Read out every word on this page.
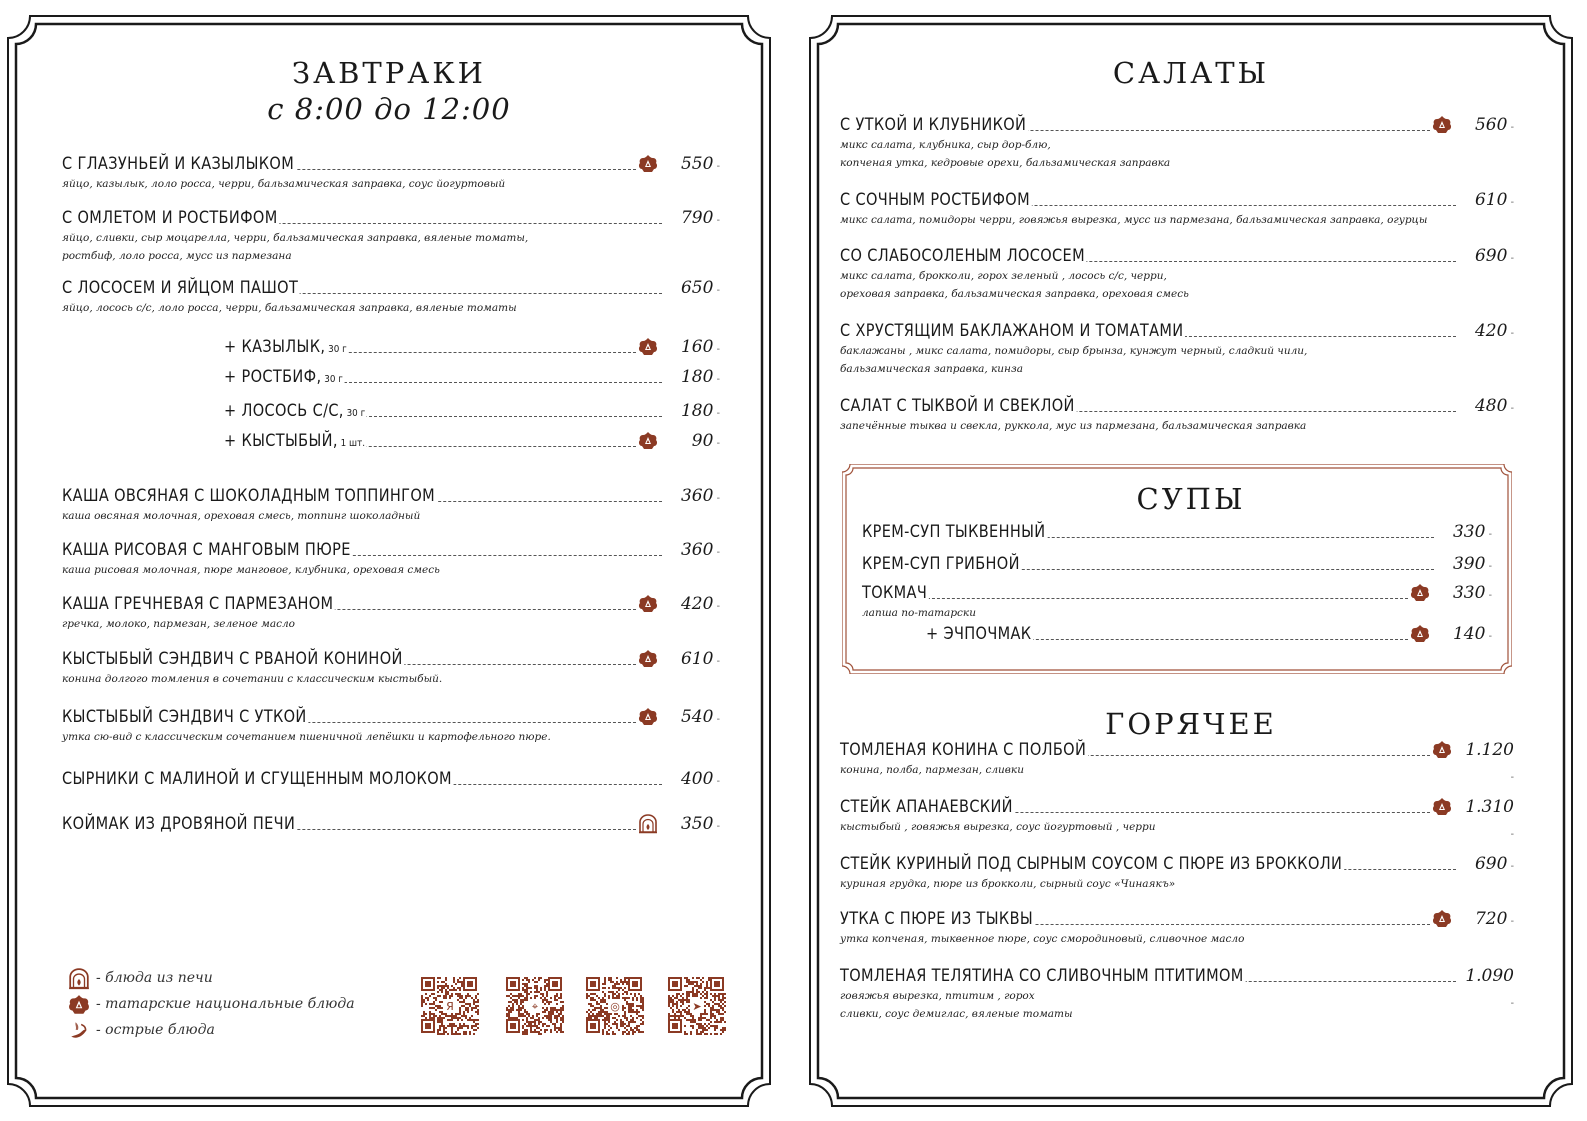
ЗАВТРАКИ
с 8:00 до 12:00
С ГЛАЗУНЬЕЙ И КАЗЫЛЫКОМ	550 -
яйцо, казылык, лоло росса, черри, бальзамическая заправка, соус йогуртовый
С ОМЛЕТОМ И РОСТБИФОМ	790 -
яйцо, сливки, сыр моцарелла, черри, бальзамическая заправка, вяленые томаты,
ростбиф, лоло росса, мусс из пармезана
С ЛОСОСЕМ И ЯЙЦОМ ПАШОТ	650 -
яйцо, лосось с/с, лоло росса, черри, бальзамическая заправка, вяленые томаты
+ КАЗЫЛЫК, 30 г	160 -
+ РОСТБИФ, 30 г	180 -
+ ЛОСОСЬ С/С, 30 г	180 -
+ КЫСТЫБЫЙ, 1 шт.	90 -
КАША ОВСЯНАЯ С ШОКОЛАДНЫМ ТОППИНГОМ	360 -
каша овсяная молочная, ореховая смесь, топпинг шоколадный
КАША РИСОВАЯ С МАНГОВЫМ ПЮРЕ	360 -
каша рисовая молочная, пюре манговое, клубника, ореховая смесь
КАША ГРЕЧНЕВАЯ С ПАРМЕЗАНОМ	420 -
гречка, молоко, пармезан, зеленое масло
КЫСТЫБЫЙ СЭНДВИЧ С РВАНОЙ КОНИНОЙ	610 -
конина долгого томления в сочетании с классическим кыстыбый.
КЫСТЫБЫЙ СЭНДВИЧ С УТКОЙ	540 -
утка сю-вид с классическим сочетанием пшеничной лепёшки и картофельного пюре.
СЫРНИКИ С МАЛИНОЙ И СГУЩЕННЫМ МОЛОКОМ	400 -
КОЙМАК ИЗ ДРОВЯНОЙ ПЕЧИ	350 -
- блюда из печи
- татарские национальные блюда
- острые блюда
Я	⌖	◎	➤
САЛАТЫ
СУПЫ
ГОРЯЧЕЕ
С УТКОЙ И КЛУБНИКОЙ	560 -
микс салата, клубника, сыр дор-блю,
копченая утка, кедровые орехи, бальзамическая заправка
С СОЧНЫМ РОСТБИФОМ	610 -
микс салата, помидоры черри, говяжья вырезка, мусс из пармезана, бальзамическая заправка, огурцы
СО СЛАБОСОЛЕНЫМ ЛОСОСЕМ	690 -
микс салата, брокколи, горох зеленый , лосось с/с, черри,
ореховая заправка, бальзамическая заправка, ореховая смесь
С ХРУСТЯЩИМ БАКЛАЖАНОМ И ТОМАТАМИ	420 -
баклажаны , микс салата, помидоры, сыр брынза, кунжут черный, сладкий чили,
бальзамическая заправка, кинза
САЛАТ С ТЫКВОЙ И СВЕКЛОЙ	480 -
запечённые тыква и свекла, руккола, мус из пармезана, бальзамическая заправка
КРЕМ-СУП ТЫКВЕННЫЙ	330 -
КРЕМ-СУП ГРИБНОЙ	390 -
ТОКМАЧ	330 -
лапша по-татарски
+ ЭЧПОЧМАК	140 -
ТОМЛЕНАЯ КОНИНА С ПОЛБОЙ	1.120 -
конина, полба, пармезан, сливки
СТЕЙК АПАНАЕВСКИЙ	1.310 -
кыстыбый , говяжья вырезка, соус йогуртовый , черри
СТЕЙК КУРИНЫЙ ПОД СЫРНЫМ СОУСОМ С ПЮРЕ ИЗ БРОККОЛИ	690 -
куриная грудка, пюре из брокколи, сырный соус «Чинаякъ»
УТКА С ПЮРЕ ИЗ ТЫКВЫ	720 -
утка копченая, тыквенное пюре, соус смородиновый, сливочное масло
ТОМЛЕНАЯ ТЕЛЯТИНА СО СЛИВОЧНЫМ ПТИТИМОМ	1.090 -
говяжья вырезка, птитим , горох
сливки, соус демиглас, вяленые томаты
